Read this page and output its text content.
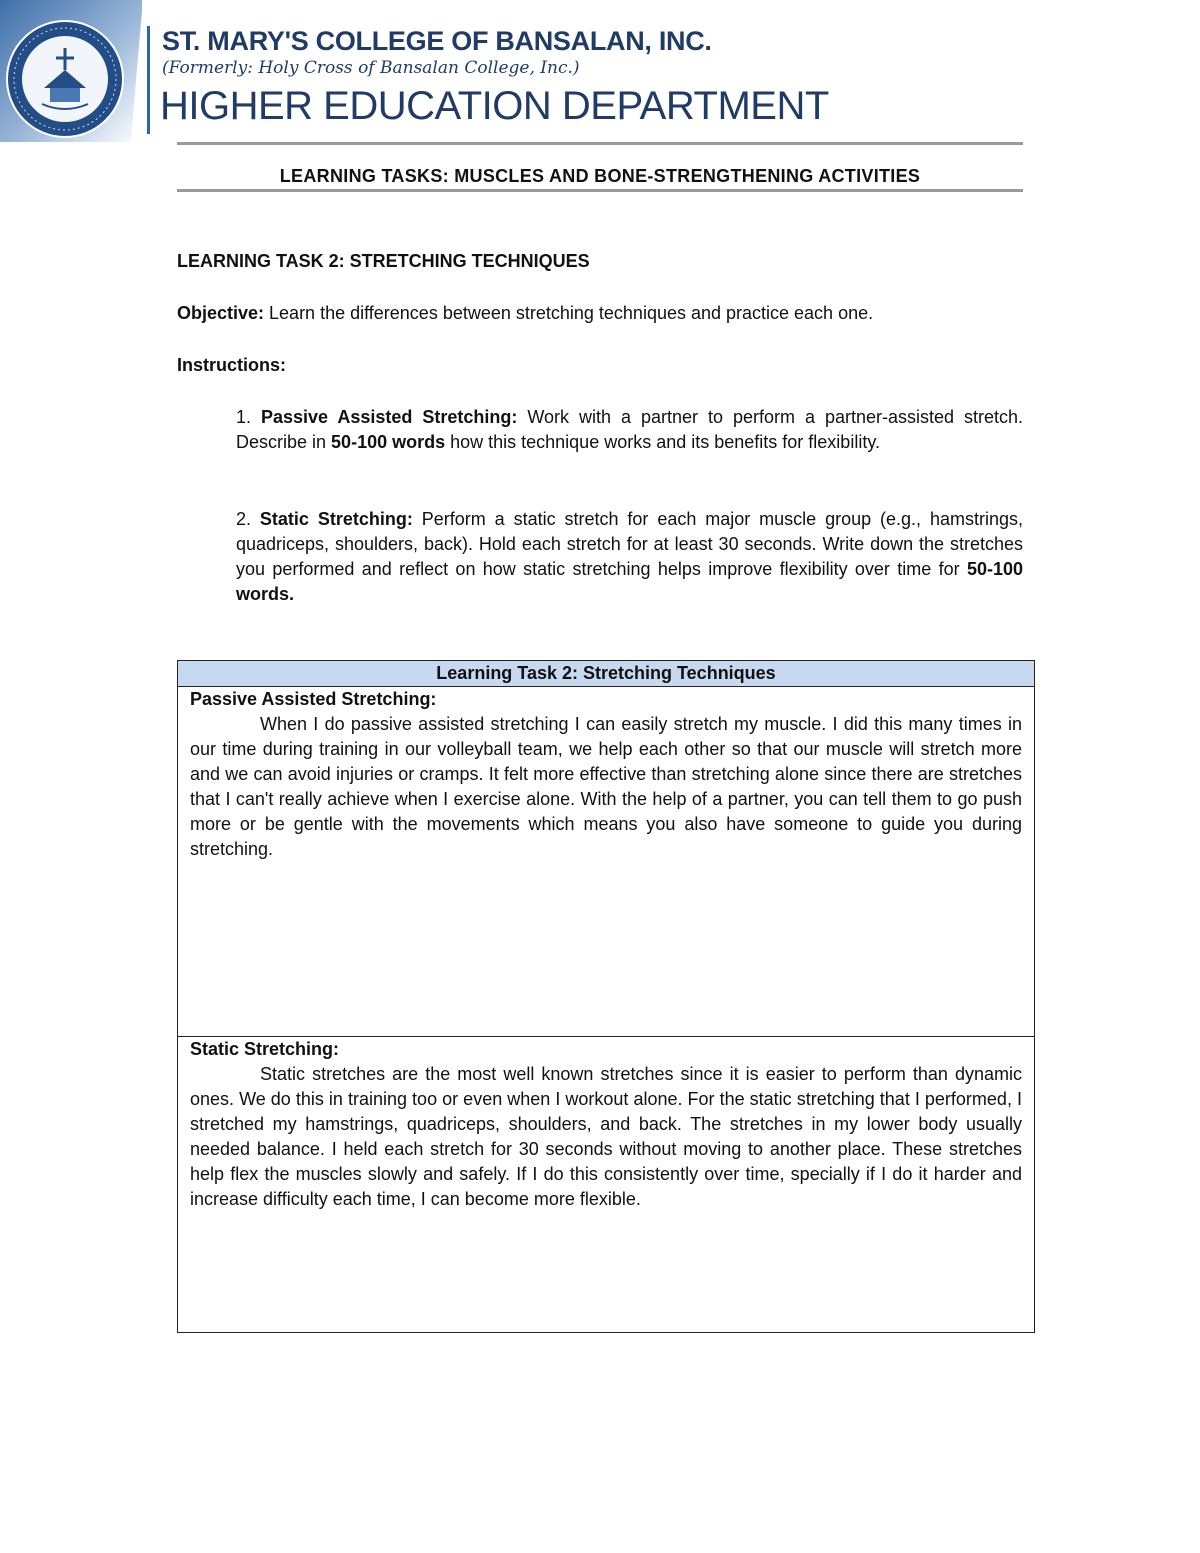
ST. MARY'S COLLEGE OF BANSALAN, INC.
(Formerly: Holy Cross of Bansalan College, Inc.)
HIGHER EDUCATION DEPARTMENT
LEARNING TASKS: MUSCLES AND BONE-STRENGTHENING ACTIVITIES
LEARNING TASK 2: STRETCHING TECHNIQUES
Objective: Learn the differences between stretching techniques and practice each one.
Instructions:
1. Passive Assisted Stretching: Work with a partner to perform a partner-assisted stretch. Describe in 50-100 words how this technique works and its benefits for flexibility.
2. Static Stretching: Perform a static stretch for each major muscle group (e.g., hamstrings, quadriceps, shoulders, back). Hold each stretch for at least 30 seconds. Write down the stretches you performed and reflect on how static stretching helps improve flexibility over time for 50-100 words.
Learning Task 2: Stretching Techniques

Passive Assisted Stretching:
When I do passive assisted stretching I can easily stretch my muscle. I did this many times in our time during training in our volleyball team, we help each other so that our muscle will stretch more and we can avoid injuries or cramps. It felt more effective than stretching alone since there are stretches that I can't really achieve when I exercise alone. With the help of a partner, you can tell them to go push more or be gentle with the movements which means you also have someone to guide you during stretching.

Static Stretching:
Static stretches are the most well known stretches since it is easier to perform than dynamic ones. We do this in training too or even when I workout alone. For the static stretching that I performed, I stretched my hamstrings, quadriceps, shoulders, and back. The stretches in my lower body usually needed balance. I held each stretch for 30 seconds without moving to another place. These stretches help flex the muscles slowly and safely. If I do this consistently over time, specially if I do it harder and increase difficulty each time, I can become more flexible.
